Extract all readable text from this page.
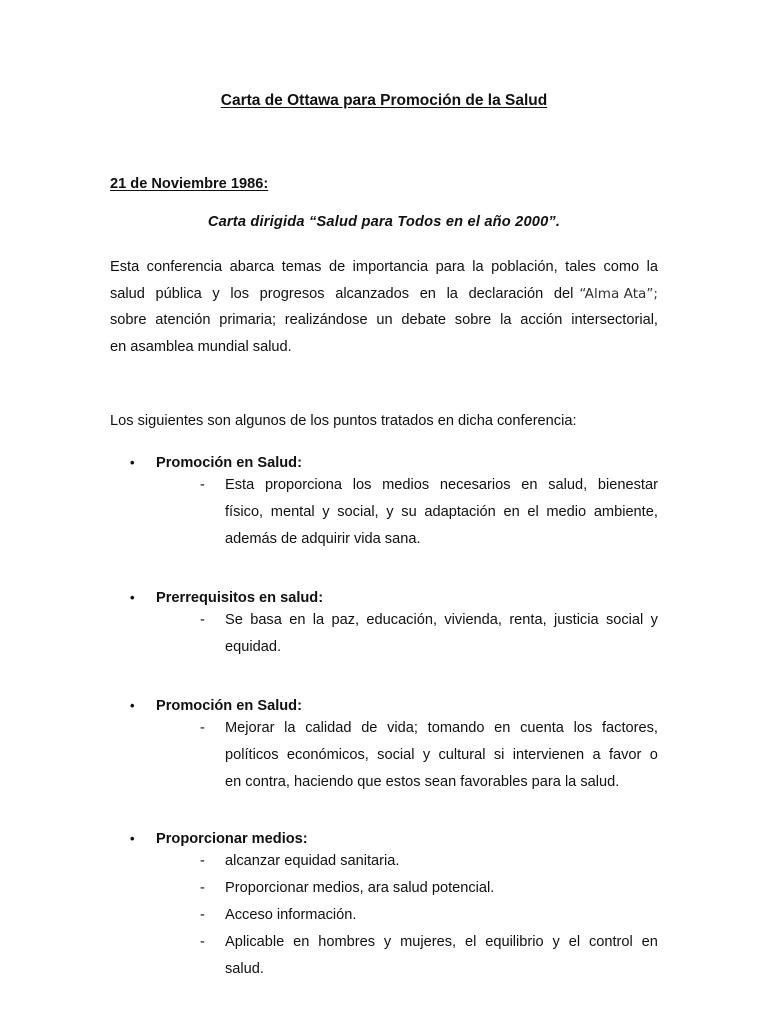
Carta de Ottawa para Promoción de la Salud
21 de Noviembre 1986:
Carta dirigida “Salud para Todos en el año 2000”.
Esta conferencia abarca temas de importancia para la población, tales como la
salud pública y los progresos alcanzados en la declaración del “Alma Ata”;
sobre atención primaria; realizándose un debate sobre la acción intersectorial,
en asamblea mundial salud.
Los siguientes son algunos de los puntos tratados en dicha conferencia:
•	Promoción en Salud:
-	Esta proporciona los medios necesarios en salud, bienestar
físico, mental y social, y su adaptación en el medio ambiente,
además de adquirir vida sana.
•	Prerrequisitos en salud:
-	Se basa en la paz, educación, vivienda, renta, justicia social y
equidad.
•	Promoción en Salud:
-	Mejorar la calidad de vida; tomando en cuenta los factores,
políticos económicos, social y cultural si intervienen a favor o
en contra, haciendo que estos sean favorables para la salud.
•	Proporcionar medios:
-	alcanzar equidad sanitaria.
-	Proporcionar medios, ara salud potencial.
-	Acceso información.
-	Aplicable en hombres y mujeres, el equilibrio y el control en
salud.
